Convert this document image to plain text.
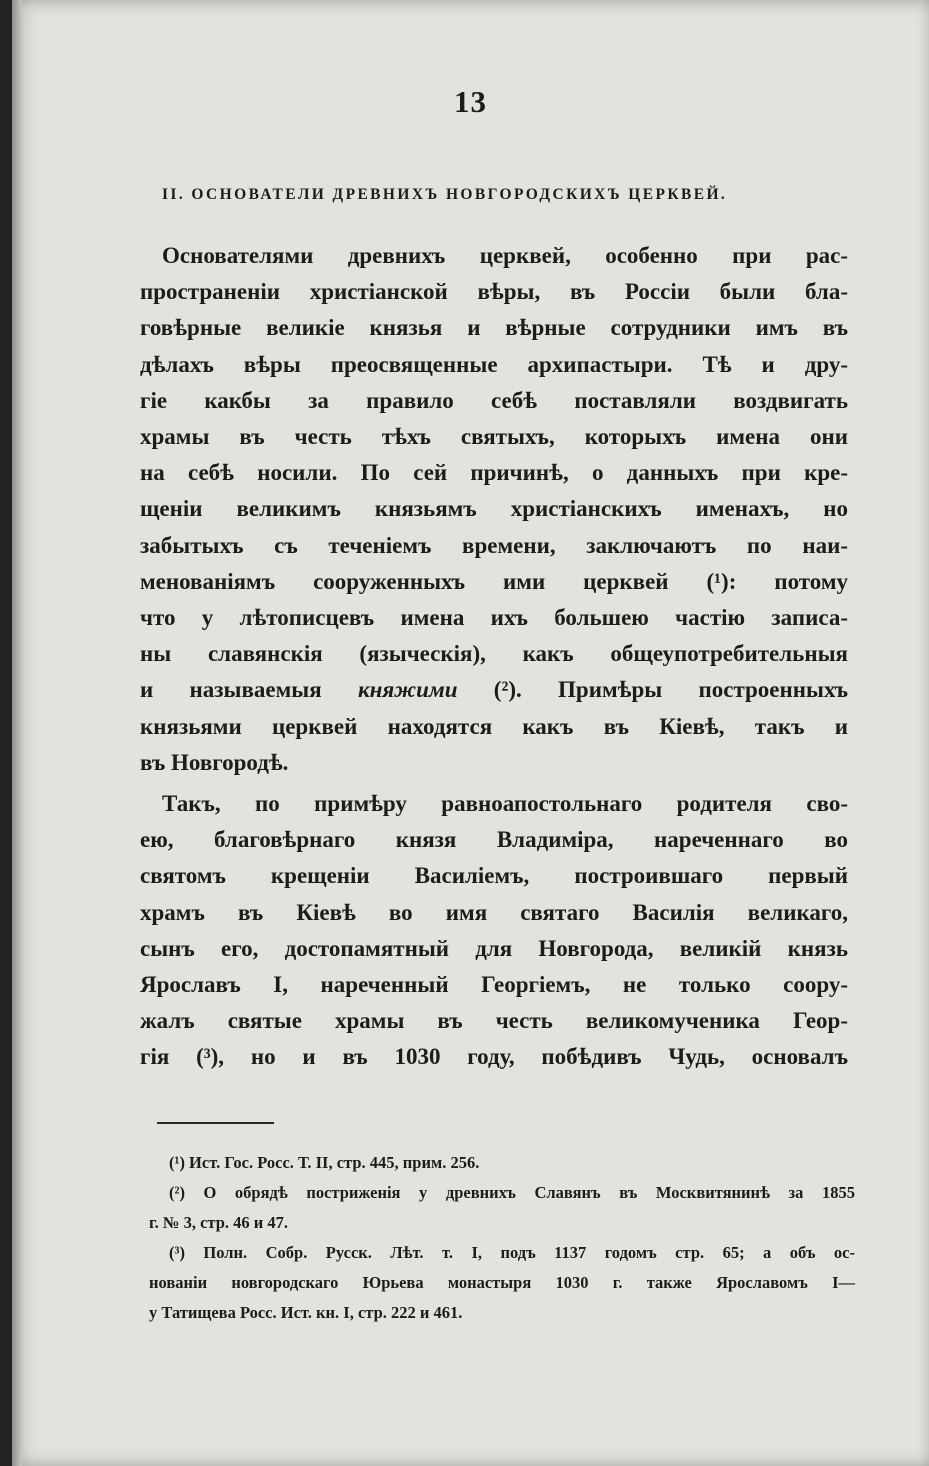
13
II. ОСНОВАТЕЛИ ДРЕВНИХЪ НОВГОРОДСКИХЪ ЦЕРКВЕЙ.
Основателями древнихъ церквей, особенно при рас-
пространеніи христіанской вѣры, въ Россіи были бла-
говѣрные великіе князья и вѣрные сотрудники имъ въ
дѣлахъ вѣры преосвященные архипастыри. Тѣ и дру-
гіе какбы за правило себѣ поставляли воздвигать
храмы въ честь тѣхъ святыхъ, которыхъ имена они
на себѣ носили. По сей причинѣ, о данныхъ при кре-
щеніи великимъ князьямъ христіанскихъ именахъ, но
забытыхъ съ теченіемъ времени, заключаютъ по наи-
менованіямъ сооруженныхъ ими церквей (¹): потому
что у лѣтописцевъ имена ихъ большею частію записа-
ны славянскія (языческія), какъ общеупотребительныя
и называемыя княжими (²). Примѣры построенныхъ
князьями церквей находятся какъ въ Кіевѣ, такъ и
въ Новгородѣ.
Такъ, по примѣру равноапостольнаго родителя сво-
ею, благовѣрнаго князя Владиміра, нареченнаго во
святомъ крещеніи Василіемъ, построившаго первый
храмъ въ Кіевѣ во имя святаго Василія великаго,
сынъ его, достопамятный для Новгорода, великій князь
Ярославъ I, нареченный Георгіемъ, не только соору-
жалъ святые храмы въ честь великомученика Геор-
гія (³), но и въ 1030 году, побѣдивъ Чудь, основалъ
(¹) Ист. Гос. Росс. Т. II, стр. 445, прим. 256.
(²) О обрядѣ постриженія у древнихъ Славянъ въ Москвитянинѣ за 1855
г. № 3, стр. 46 и 47.
(³) Полн. Собр. Русск. Лѣт. т. I, подъ 1137 годомъ стр. 65; а объ ос-
нованіи новгородскаго Юрьева монастыря 1030 г. также Ярославомъ I—
у Татищева Росс. Ист. кн. I, стр. 222 и 461.
